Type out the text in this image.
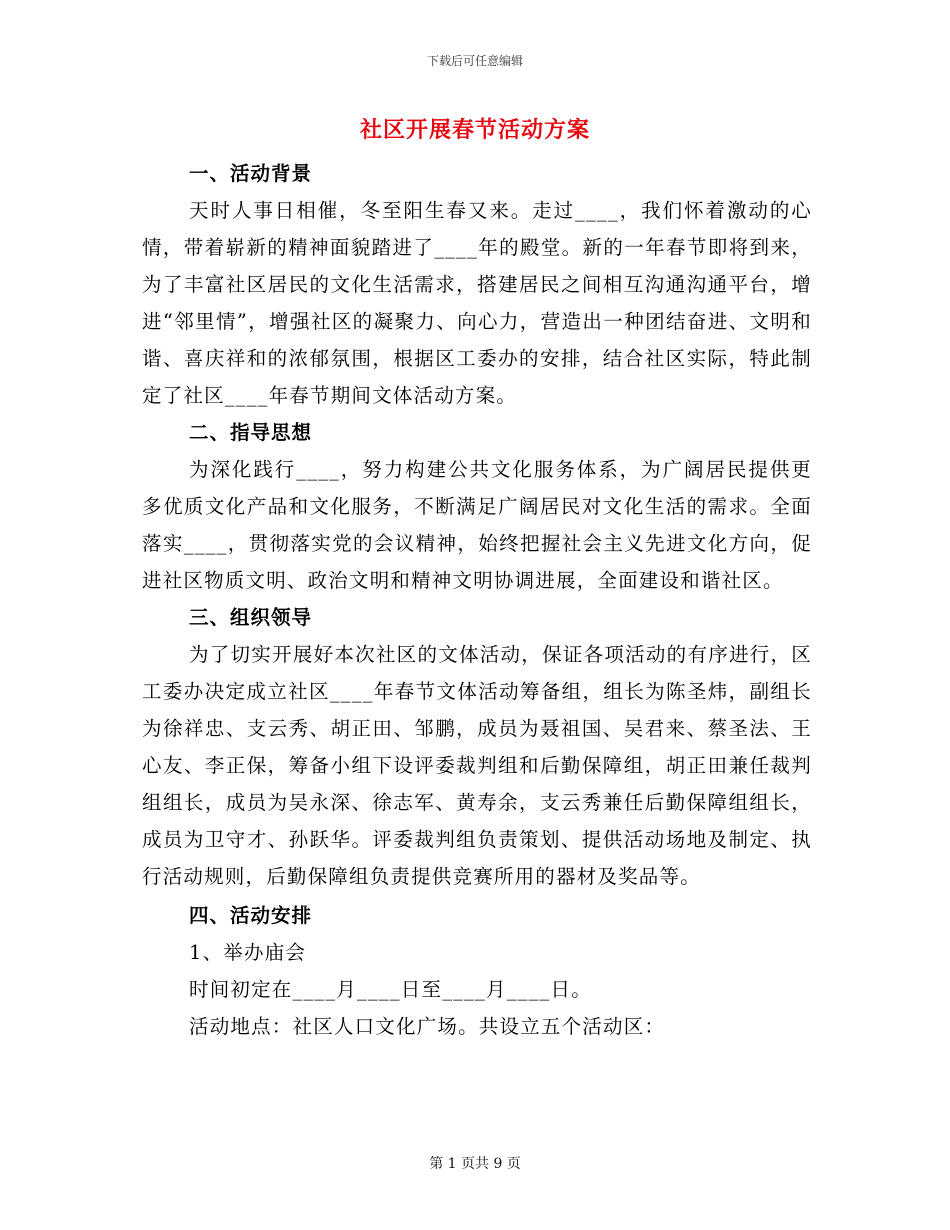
下载后可任意编辑
社区开展春节活动方案
一、活动背景
天时人事日相催，冬至阳生春又来。走过____，我们怀着激动的心情，带着崭新的精神面貌踏进了____年的殿堂。新的一年春节即将到来，为了丰富社区居民的文化生活需求，搭建居民之间相互沟通沟通平台，增进“邻里情”，增强社区的凝聚力、向心力，营造出一种团结奋进、文明和谐、喜庆祥和的浓郁氛围，根据区工委办的安排，结合社区实际，特此制定了社区____年春节期间文体活动方案。
二、指导思想
为深化践行____，努力构建公共文化服务体系，为广阔居民提供更多优质文化产品和文化服务，不断满足广阔居民对文化生活的需求。全面落实____，贯彻落实党的会议精神，始终把握社会主义先进文化方向，促进社区物质文明、政治文明和精神文明协调进展，全面建设和谐社区。
三、组织领导
为了切实开展好本次社区的文体活动，保证各项活动的有序进行，区工委办决定成立社区____年春节文体活动筹备组，组长为陈圣炜，副组长为徐祥忠、支云秀、胡正田、邹鹏，成员为聂祖国、吴君来、蔡圣法、王心友、李正保，筹备小组下设评委裁判组和后勤保障组，胡正田兼任裁判组组长，成员为吴永深、徐志军、黄寿余，支云秀兼任后勤保障组组长，成员为卫守才、孙跃华。评委裁判组负责策划、提供活动场地及制定、执行活动规则，后勤保障组负责提供竞赛所用的器材及奖品等。
四、活动安排
1、举办庙会
时间初定在____月____日至____月____日。
活动地点：社区人口文化广场。共设立五个活动区：
第 1 页共 9 页
